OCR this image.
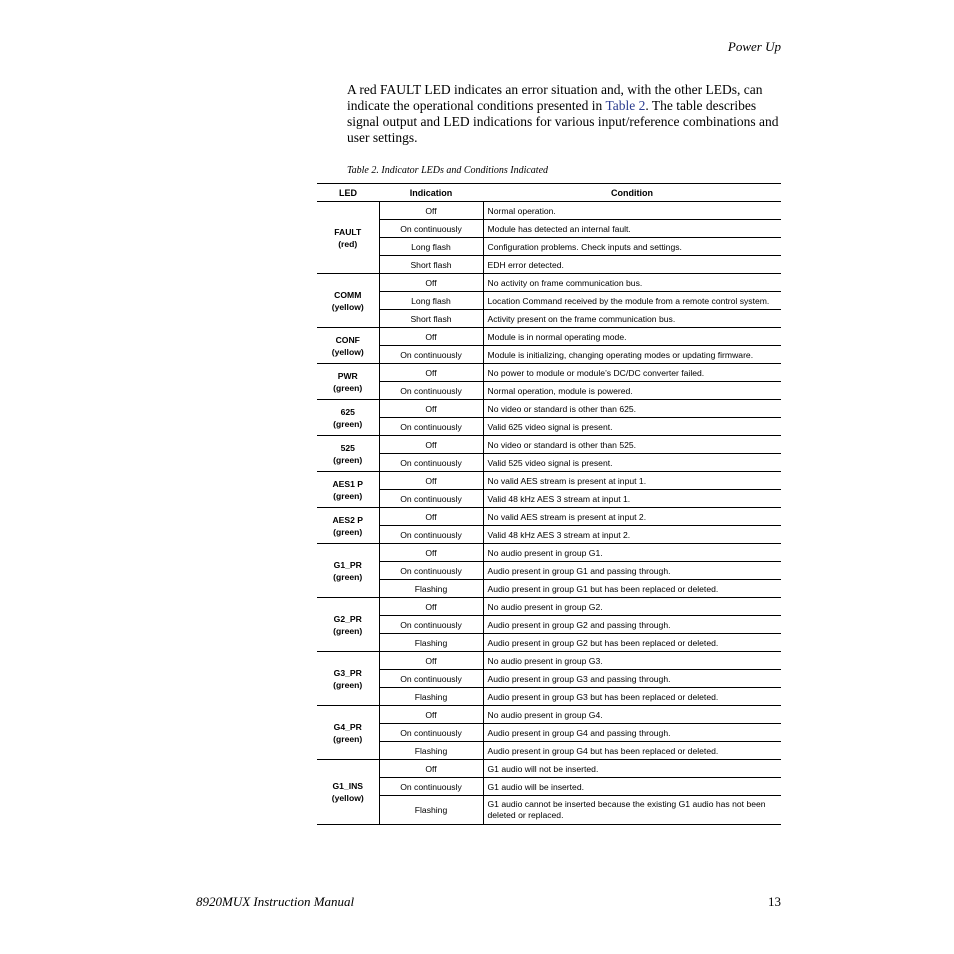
Power Up
A red FAULT LED indicates an error situation and, with the other LEDs, can indicate the operational conditions presented in Table 2. The table describes signal output and LED indications for various input/reference combinations and user settings.
Table 2. Indicator LEDs and Conditions Indicated
LED	Indication	Condition

FAULT
(red)	Off	Normal operation.
	On continuously	Module has detected an internal fault.
	Long flash	Configuration problems. Check inputs and settings.
	Short flash	EDH error detected.

COMM
(yellow)	Off	No activity on frame communication bus.
	Long flash	Location Command received by the module from a remote control system.
	Short flash	Activity present on the frame communication bus.

CONF
(yellow)	Off	Module is in normal operating mode.
	On continuously	Module is initializing, changing operating modes or updating firmware.

PWR
(green)	Off	No power to module or module’s DC/DC converter failed.
	On continuously	Normal operation, module is powered.

625
(green)	Off	No video or standard is other than 625.
	On continuously	Valid 625 video signal is present.

525
(green)	Off	No video or standard is other than 525.
	On continuously	Valid 525 video signal is present.

AES1 P
(green)	Off	No valid AES stream is present at input 1.
	On continuously	Valid 48 kHz AES 3 stream at input 1.

AES2 P
(green)	Off	No valid AES stream is present at input 2.
	On continuously	Valid 48 kHz AES 3 stream at input 2.

G1_PR
(green)	Off	No audio present in group G1.
	On continuously	Audio present in group G1 and passing through.
	Flashing	Audio present in group G1 but has been replaced or deleted.

G2_PR
(green)	Off	No audio present in group G2.
	On continuously	Audio present in group G2 and passing through.
	Flashing	Audio present in group G2 but has been replaced or deleted.

G3_PR
(green)	Off	No audio present in group G3.
	On continuously	Audio present in group G3 and passing through.
	Flashing	Audio present in group G3 but has been replaced or deleted.

G4_PR
(green)	Off	No audio present in group G4.
	On continuously	Audio present in group G4 and passing through.
	Flashing	Audio present in group G4 but has been replaced or deleted.

G1_INS
(yellow)	Off	G1 audio will not be inserted.
	On continuously	G1 audio will be inserted.
	Flashing	G1 audio cannot be inserted because the existing G1 audio has not been deleted or replaced.
8920MUX Instruction Manual	13
